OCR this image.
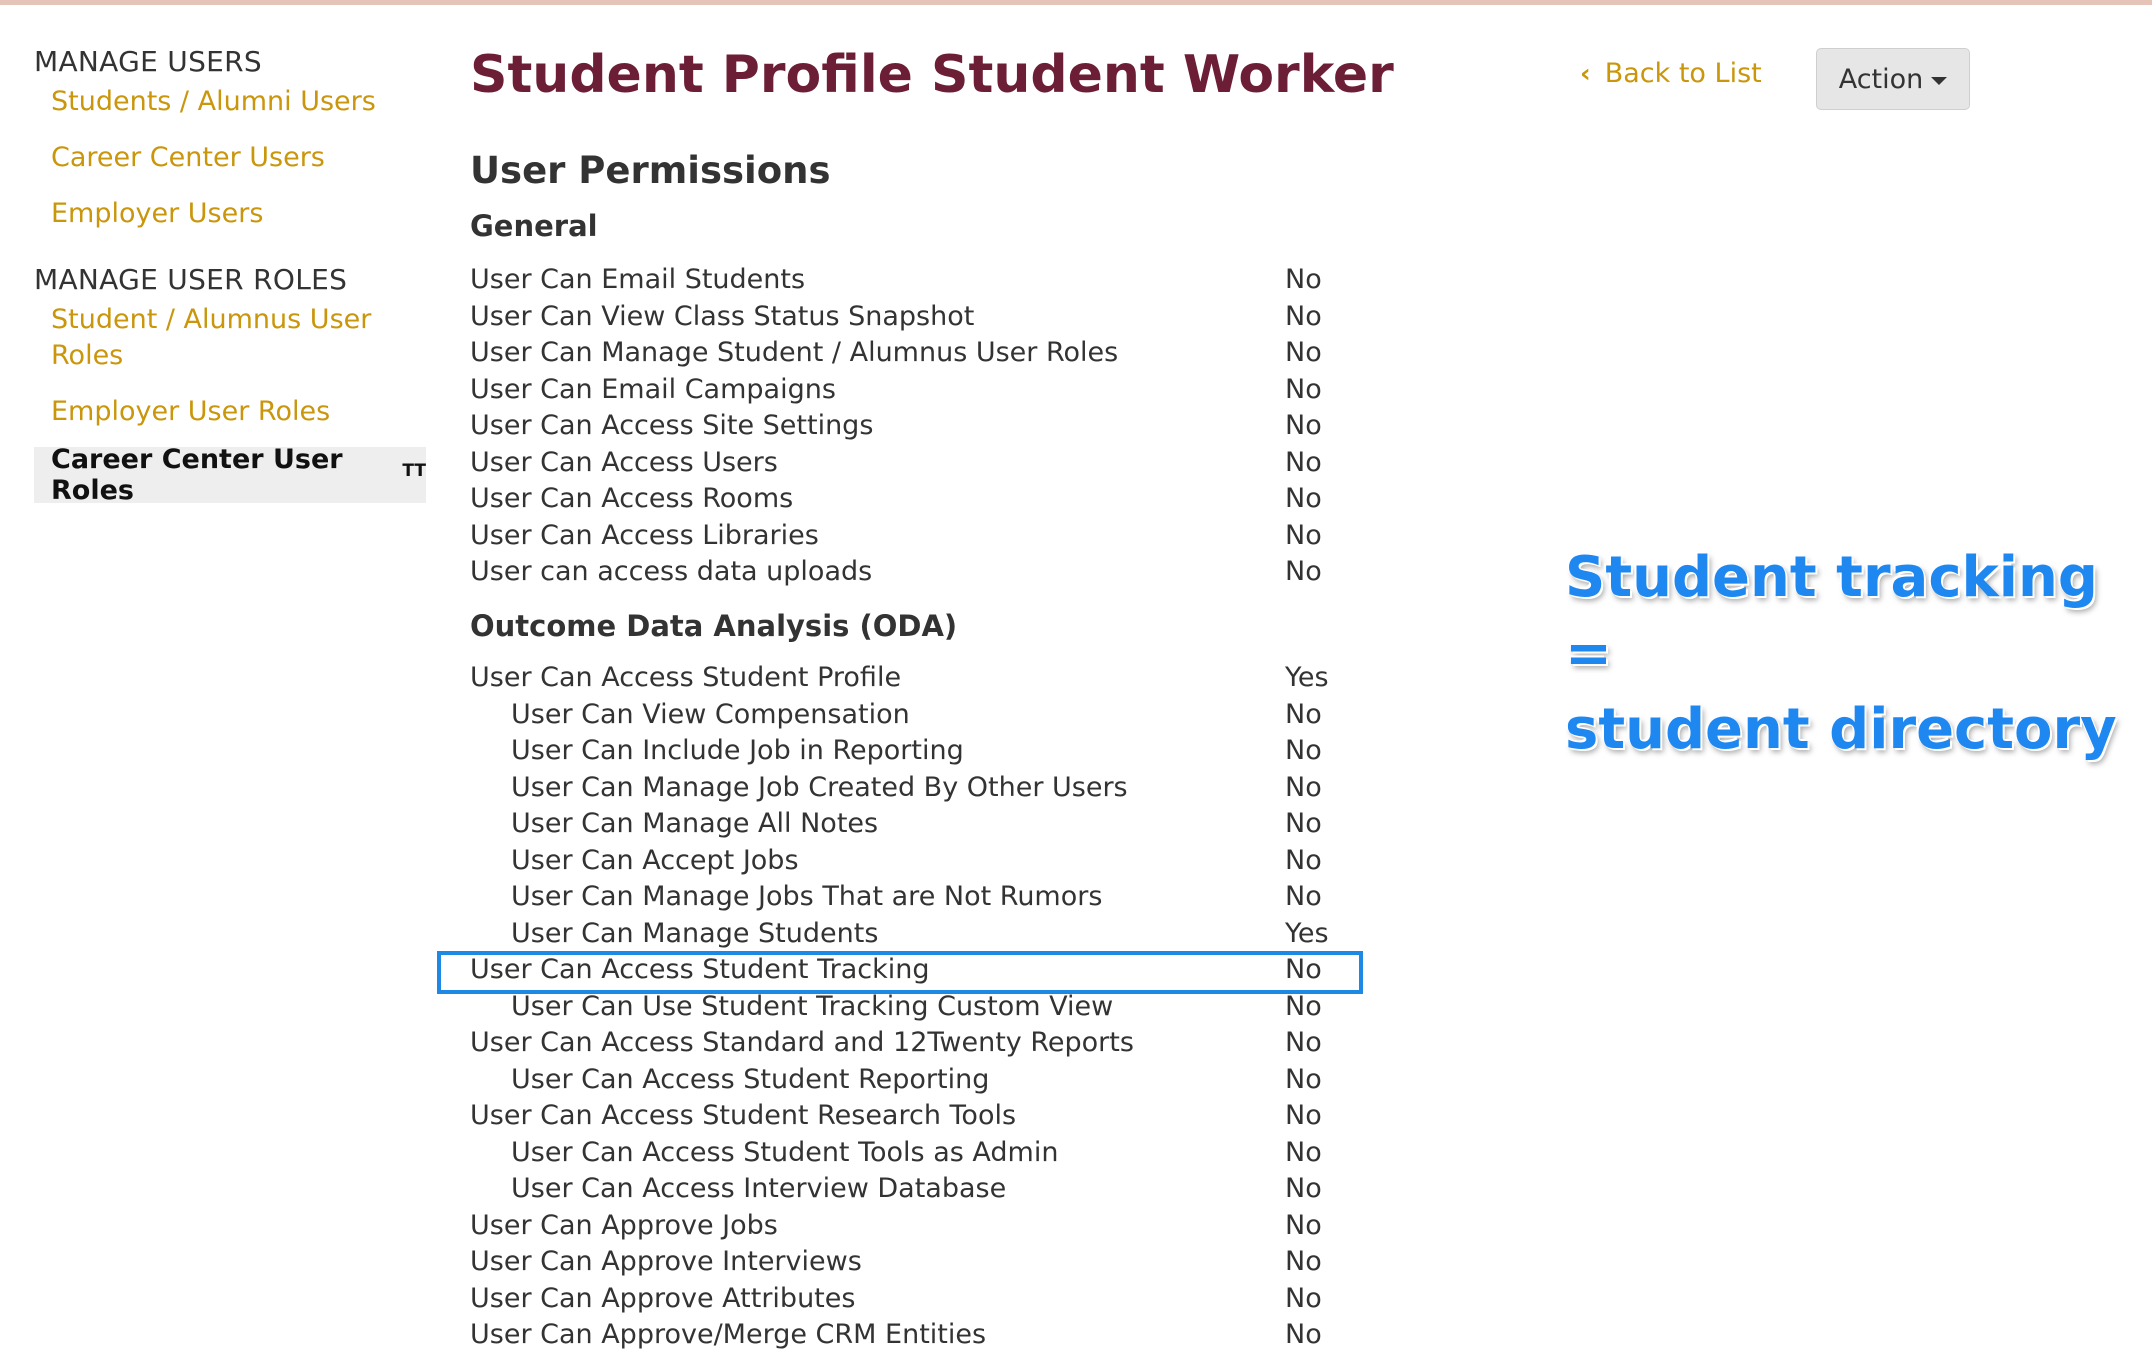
MANAGE USERS
Students / Alumni Users
Career Center Users
Employer Users
MANAGE USER ROLES
Student / Alumnus User
Roles
Employer User Roles
Career Center User Roles
$^{TT}$
Student Profile Student Worker	‹ Back to List	Action
User Permissions
General
User Can Email Students	No
User Can View Class Status Snapshot	No
User Can Manage Student / Alumnus User Roles	No
User Can Email Campaigns	No
User Can Access Site Settings	No
User Can Access Users	No
User Can Access Rooms	No
User Can Access Libraries	No
User can access data uploads	No
Outcome Data Analysis (ODA)
User Can Access Student Profile	Yes
User Can View Compensation	No
User Can Include Job in Reporting	No
User Can Manage Job Created By Other Users	No
User Can Manage All Notes	No
User Can Accept Jobs	No
User Can Manage Jobs That are Not Rumors	No
User Can Manage Students	Yes
User Can Access Student Tracking	No
User Can Use Student Tracking Custom View	No
User Can Access Standard and 12Twenty Reports	No
User Can Access Student Reporting	No
User Can Access Student Research Tools	No
User Can Access Student Tools as Admin	No
User Can Access Interview Database	No
User Can Approve Jobs	No
User Can Approve Interviews	No
User Can Approve Attributes	No
User Can Approve/Merge CRM Entities	No
Student tracking =
student directory
